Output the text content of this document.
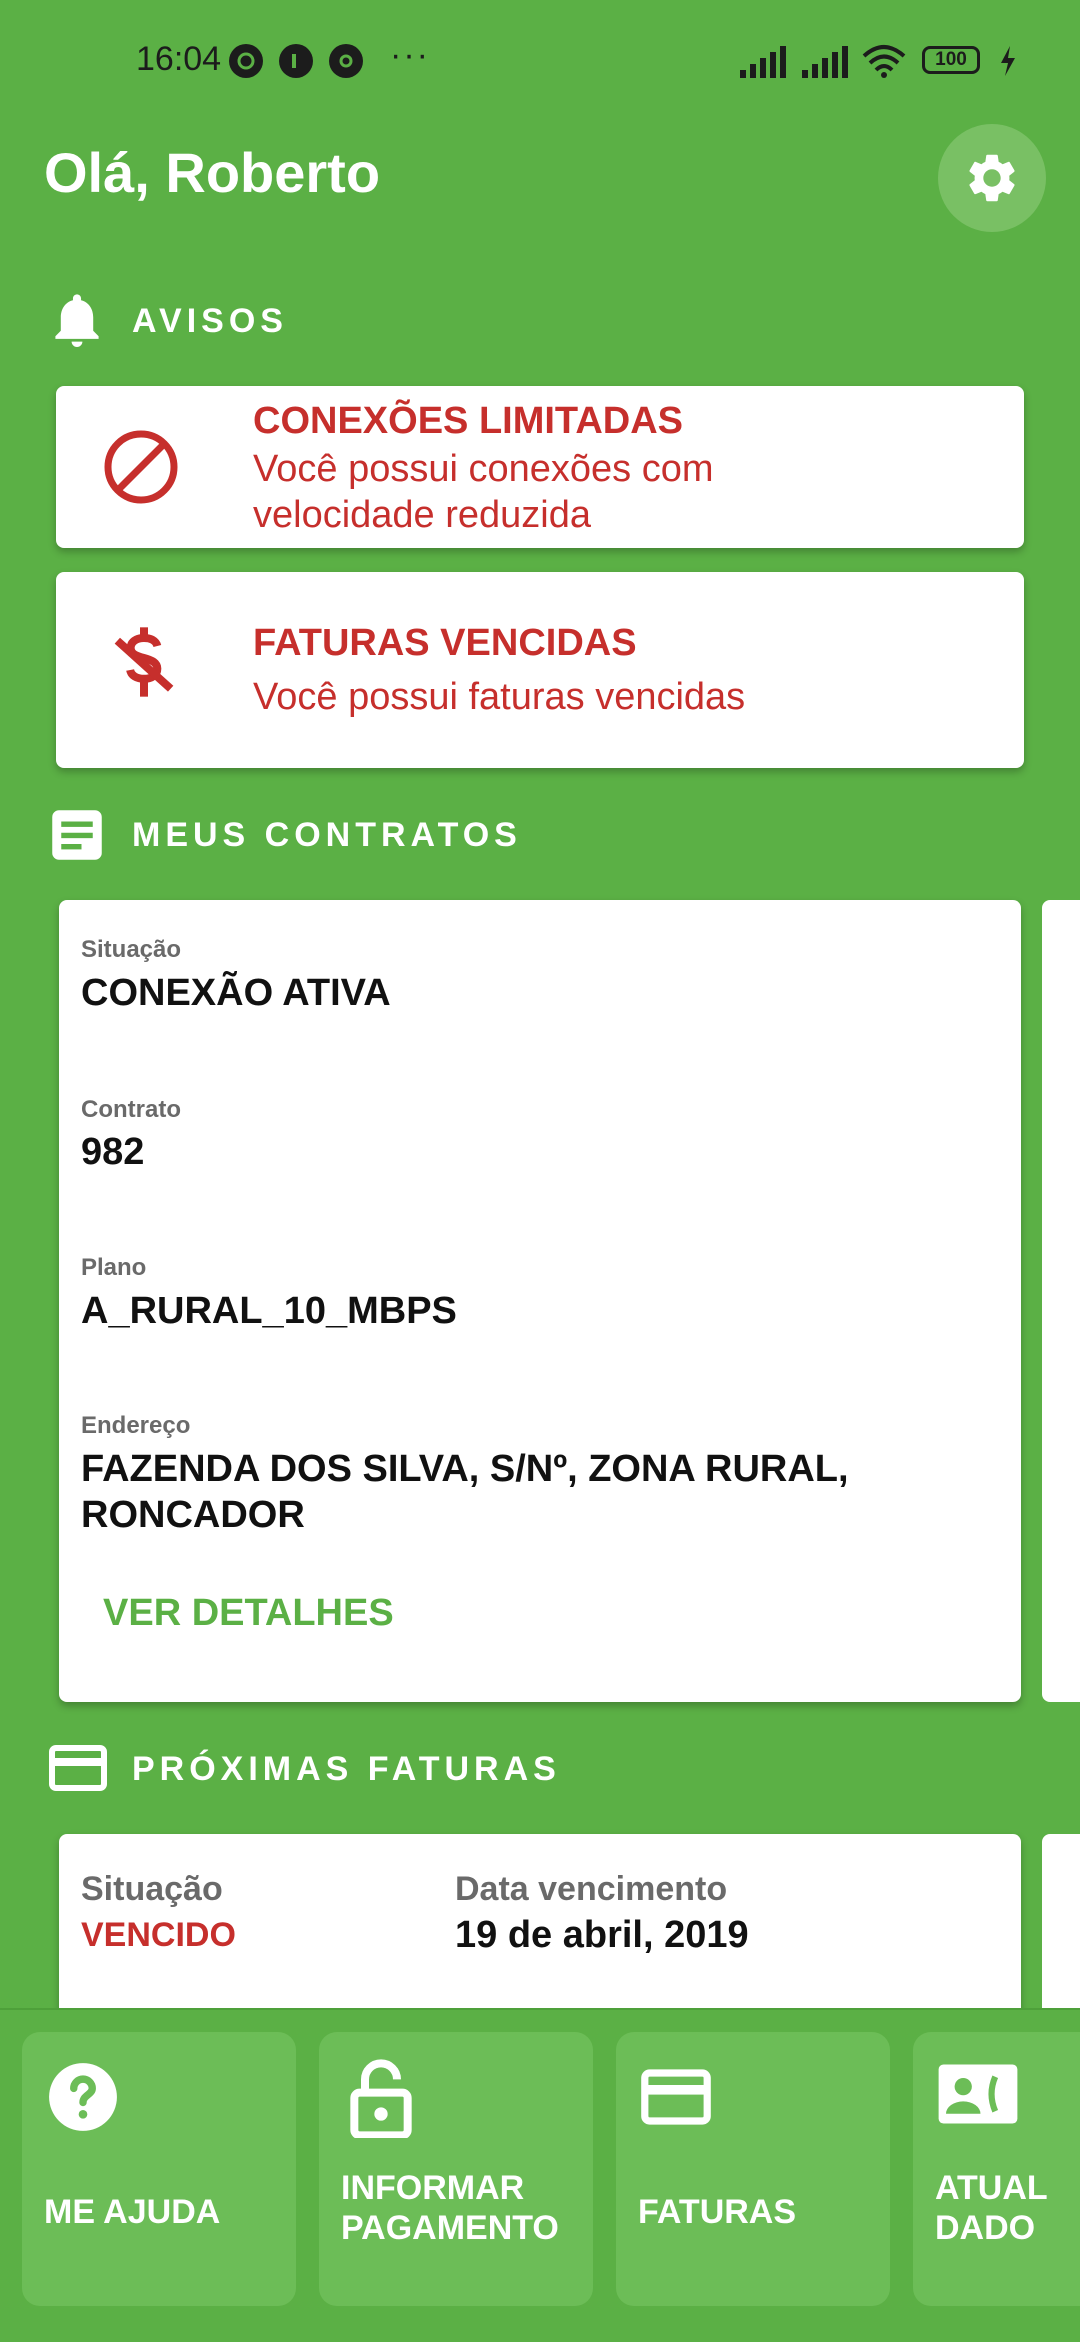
16:04	···	100
Olá, Roberto
AVISOS
CONEXÕES LIMITADAS
Você possui conexões com
velocidade reduzida
FATURAS VENCIDAS
Você possui faturas vencidas
MEUS CONTRATOS
Situação
CONEXÃO ATIVA
Contrato
982
Plano
A_RURAL_10_MBPS
Endereço
FAZENDA DOS SILVA, S/Nº, ZONA RURAL,
RONCADOR
VER DETALHES
PRÓXIMAS FATURAS
Situação
VENCIDO
Data vencimento
19 de abril, 2019
ME AJUDA
INFORMAR
PAGAMENTO FATURAS
ATUAL
DADO
